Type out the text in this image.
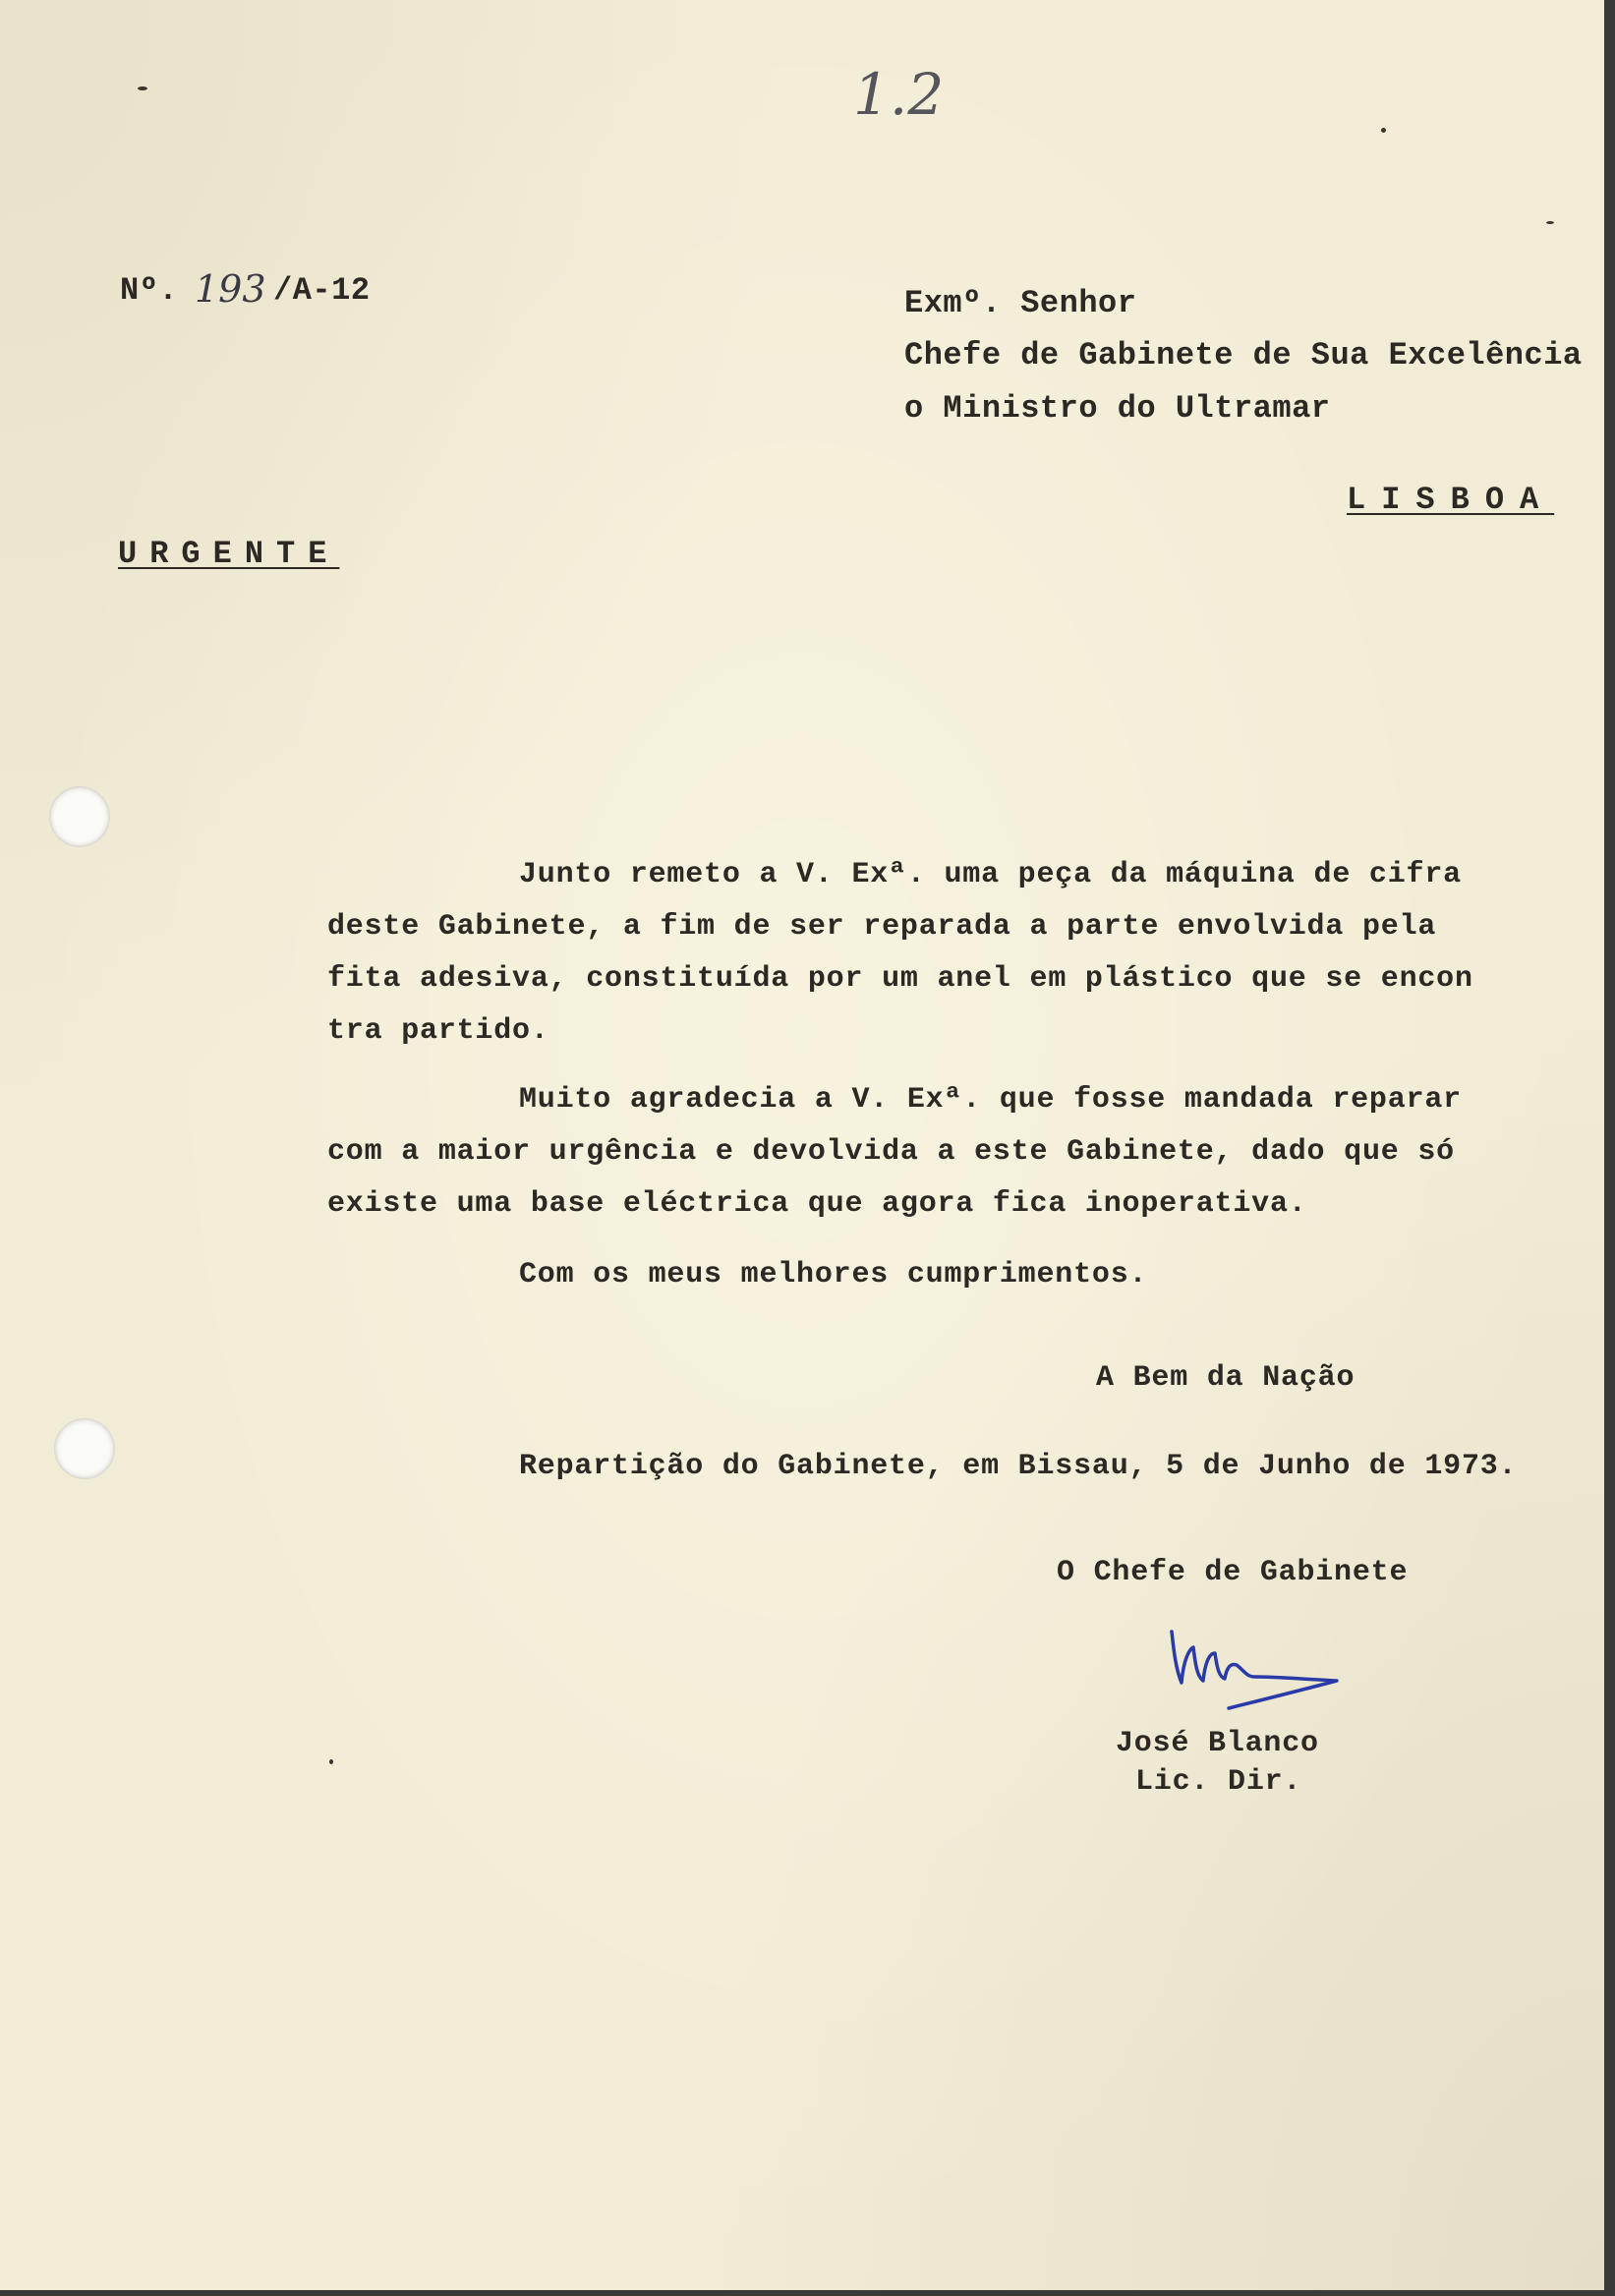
1.2
Nº. 193 /A-12	Exmº. Senhor
Chefe de Gabinete de Sua Excelência
o Ministro do Ultramar
LISBOA
URGENTE
Junto remeto a V. Exª. uma peça da máquina de cifra
deste Gabinete, a fim de ser reparada a parte envolvida pela
fita adesiva, constituída por um anel em plástico que se encon
tra partido.
Muito agradecia a V. Exª. que fosse mandada reparar
com a maior urgência e devolvida a este Gabinete, dado que só
existe uma base eléctrica que agora fica inoperativa.
Com os meus melhores cumprimentos.
A Bem da Nação
Repartição do Gabinete, em Bissau, 5 de Junho de 1973.
O Chefe de Gabinete
José Blanco
Lic. Dir.
